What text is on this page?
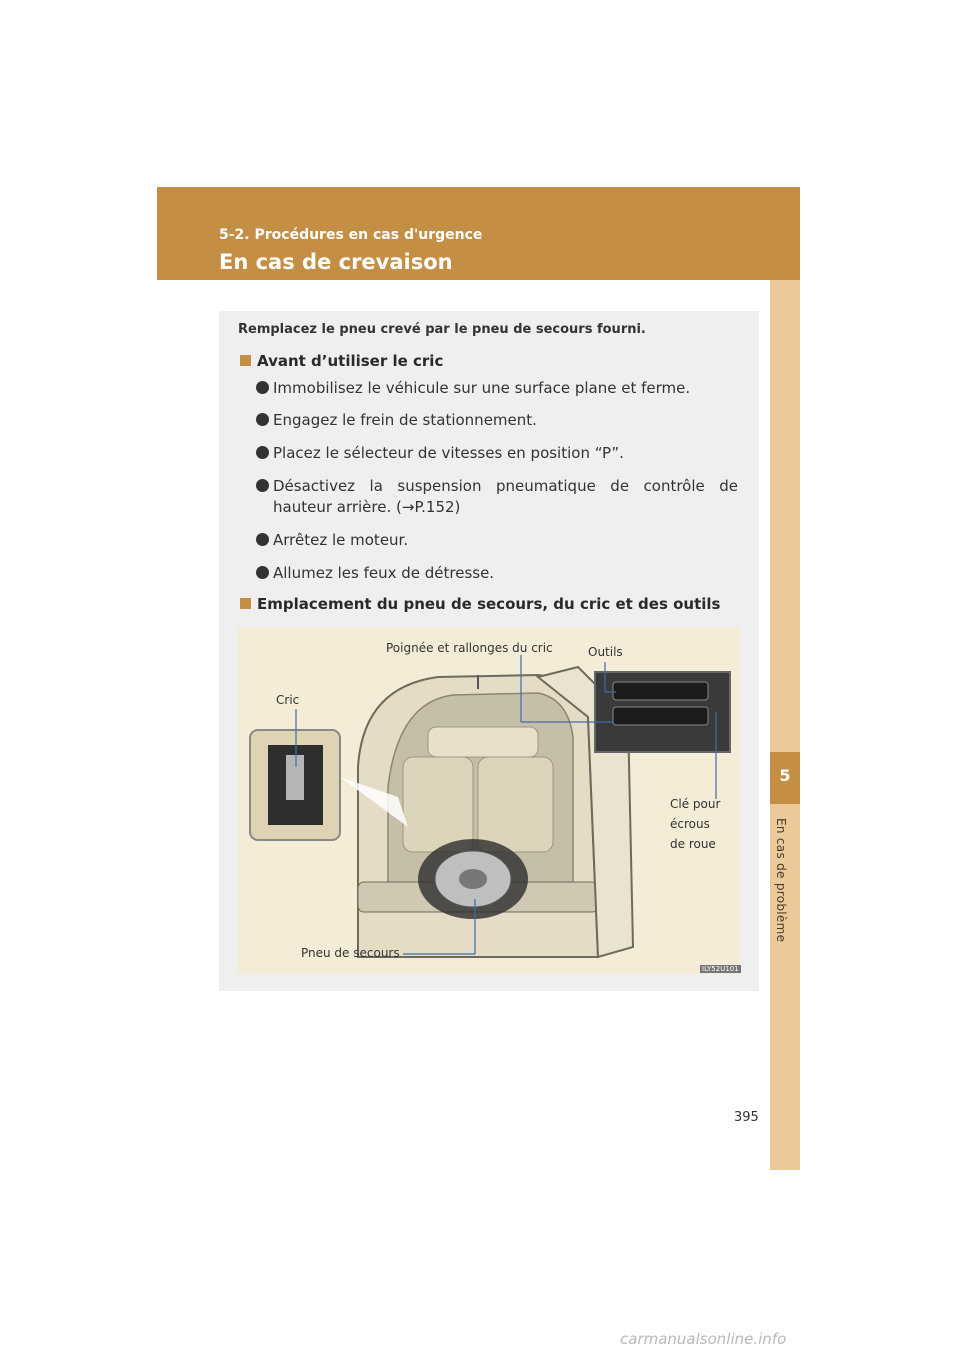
5-2. Procédures en cas d'urgence
En cas de crevaison
5
En cas de problème
Remplacez le pneu crevé par le pneu de secours fourni.
Avant d’utiliser le cric
Immobilisez le véhicule sur une surface plane et ferme.
Engagez le frein de stationnement.
Placez le sélecteur de vitesses en position “P”.
Désactivez la suspension pneumatique de contrôle de hauteur arrière. (→P.152)
Arrêtez le moteur.
Allumez les feux de détresse.
Emplacement du pneu de secours, du cric et des outils
Poignée et rallonges du cric	Outils
Cric
Clé pour
écrous
de roue
Pneu de secours
ILY52U101
395
carmanualsonline.info
